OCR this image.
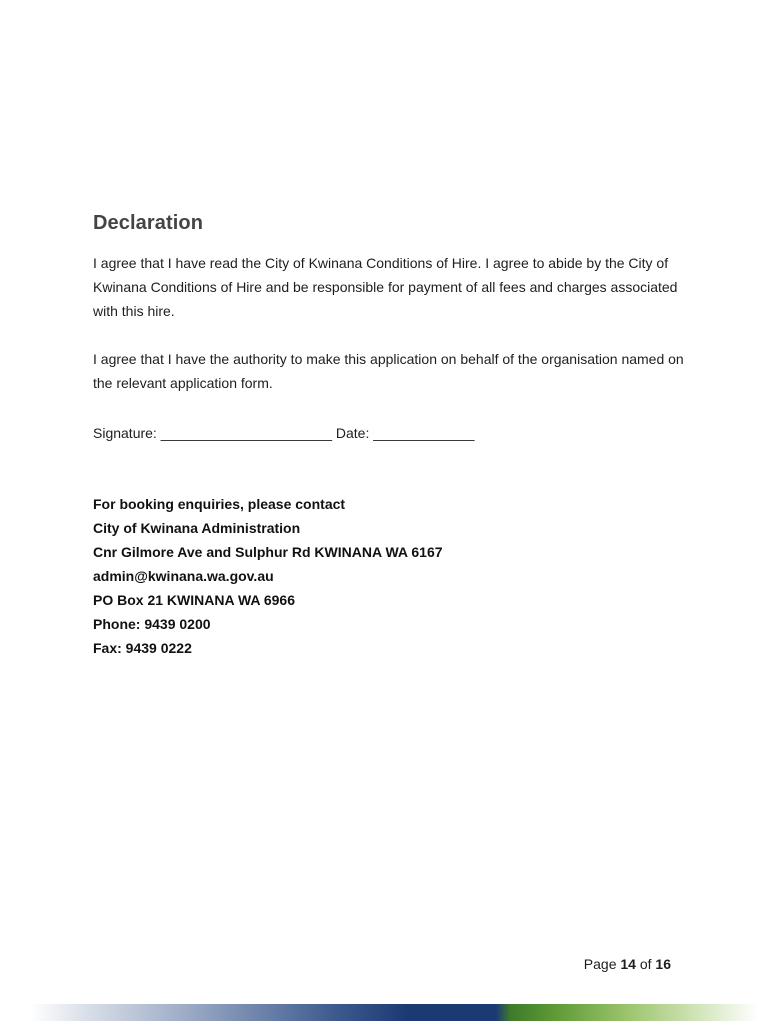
Declaration

I agree that I have read the City of Kwinana Conditions of Hire. I agree to abide by the City of Kwinana Conditions of Hire and be responsible for payment of all fees and charges associated with this hire.

I agree that I have the authority to make this application on behalf of the organisation named on the relevant application form.

Signature: ______________________ Date: _____________

For booking enquiries, please contact
City of Kwinana Administration
Cnr Gilmore Ave and Sulphur Rd KWINANA WA 6167
admin@kwinana.wa.gov.au
PO Box 21 KWINANA WA 6966
Phone: 9439 0200
Fax: 9439 0222
Page 14 of 16
